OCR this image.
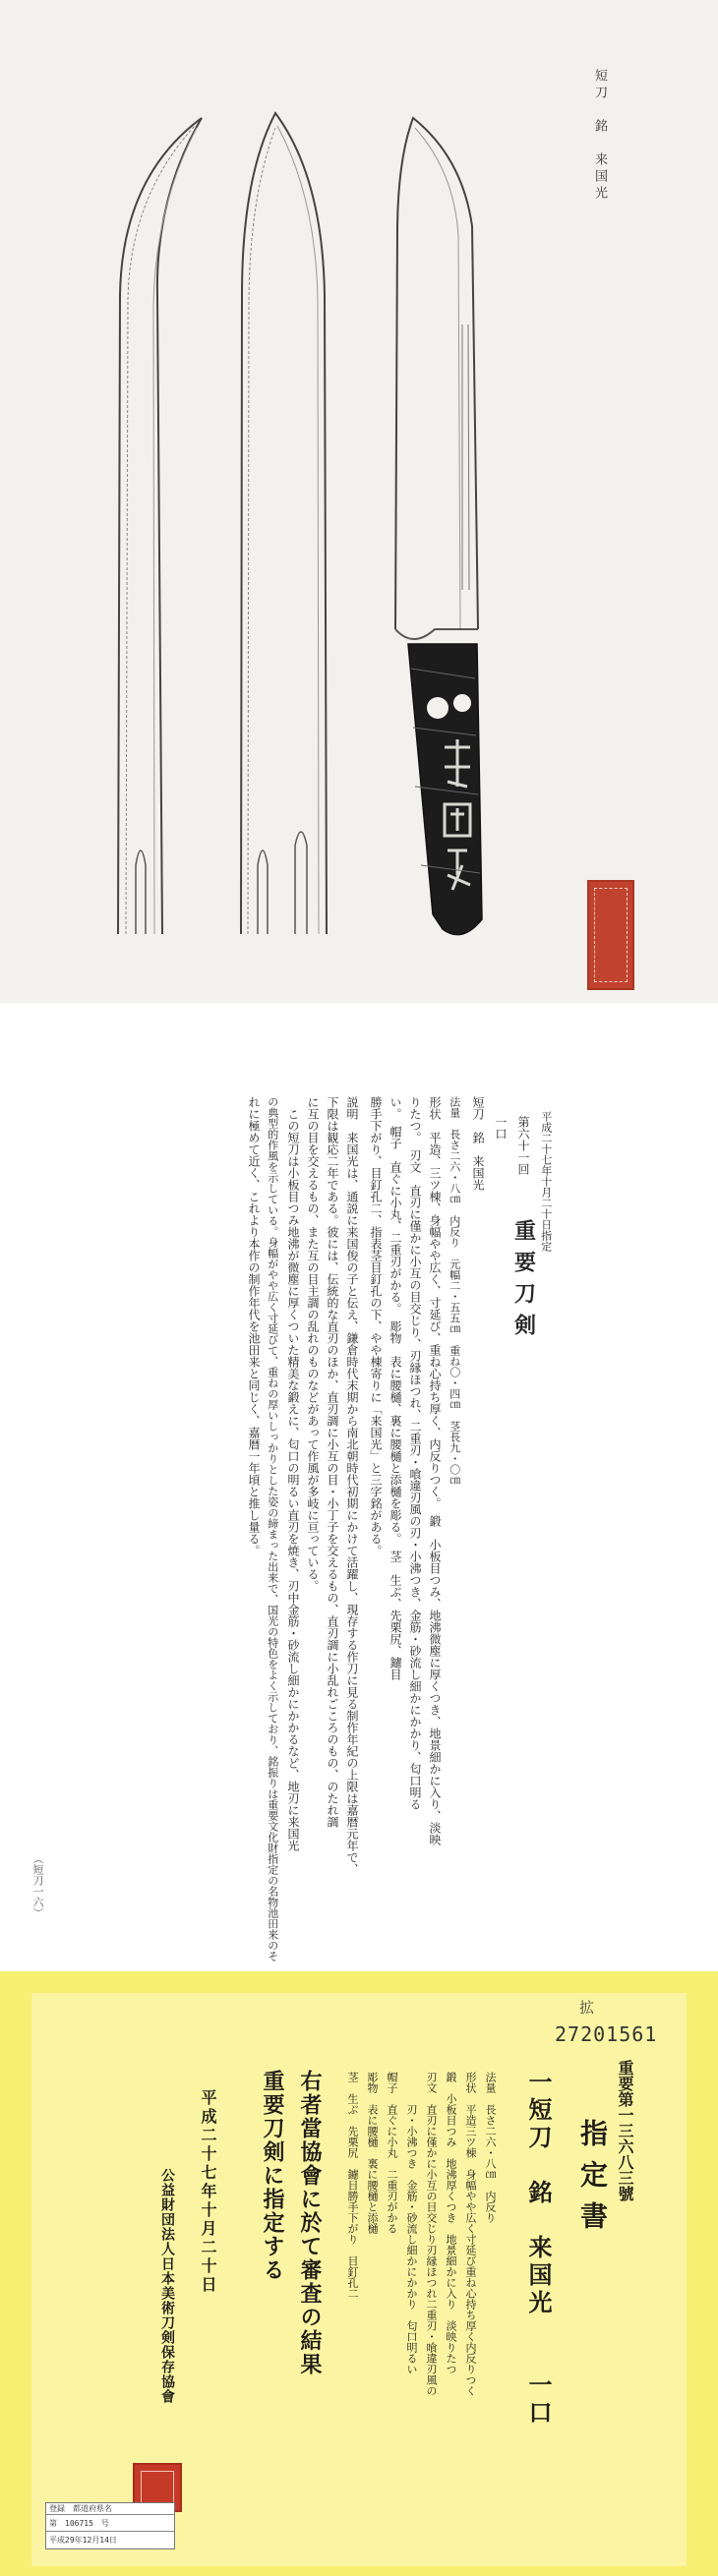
短刀　銘　来国光
重要刀剣
第六十一回
一口	平成二十七年十月二十日指定
短刀　銘　来国光
法量　長さ二六・八㎝　内反り　元幅二・五五㎝　重ね〇・四㎝　茎長九・〇㎝
形状　平造、三ツ棟、身幅やや広く、寸延び、重ね心持ち厚く、内反りつく。　鍛　小板目つみ、地沸微塵に厚くつき、地景細かに入り、淡映
りたつ。　刃文　直刃に僅かに小互の目交じり、刃縁ほつれ、二重刃・喰違刃風の刃・小沸つき、金筋・砂流し細かにかかり、匂口明る
い。　帽子　直ぐに小丸、二重刃がかる。　彫物　表に腰樋、裏に腰樋と添樋を彫る。　茎　生ぶ、先栗尻、鑢目
勝手下がり、目釘孔二、指表茎目釘孔の下、やや棟寄りに「来国光」と三字銘がある。
説明　来国光は、通説に来国俊の子と伝え、鎌倉時代末期から南北朝時代初期にかけて活躍し、現存する作刀に見る制作年紀の上限は嘉暦元年で、
下限は観応二年である。彼には、伝統的な直刃のほか、直刃調に小互の目・小丁子を交えるもの、直刃調に小乱れごころのもの、のたれ調
に互の目を交えるもの、また互の目主調の乱れのものなどがあって作風が多岐に亘っている。
　この短刀は小板目つみ地沸が微塵に厚くついた精美な鍛えに、匂口の明るい直刃を焼き、刃中金筋・砂流し細かにかかるなど、地刃に来国光
の典型的作風を示している。身幅がやや広く寸延びて、重ねの厚いしっかりとした姿の締まった出来で、国光の特色をよく示しており、銘振りは重要文化財指定の名物池田来のそ
れに極めて近く、これより本作の制作年代を池田来と同じく、嘉暦一年頃と推し量る。
（短刀一六）
拡
27201561
重要第一三六八三號
指定書
一短刀　銘　来国光　　一口
法量　長さ二六・八㎝　内反り
形状　平造三ツ棟　身幅やや広く寸延び重ね心持ち厚く内反りつく
鍛　小板目つみ　地沸厚くつき　地景細かに入り　淡映りたつ
刃文　直刃に僅かに小互の目交じり刃縁ほつれ二重刃・喰違刃風の
　　　刃・小沸つき　金筋・砂流し細かにかかり　匂口明るい
帽子　直ぐに小丸　二重刃がかる
彫物　表に腰樋　裏に腰樋と添樋
茎　生ぶ　先栗尻　鑢目勝手下がり　目釘孔二
右者當協會に於て審査の結果
重要刀剣に指定する
平成二十七年十月二十日
公益財団法人日本美術刀剣保存協會
登録　都道府県名
第　106715　号
平成29年12月14日
